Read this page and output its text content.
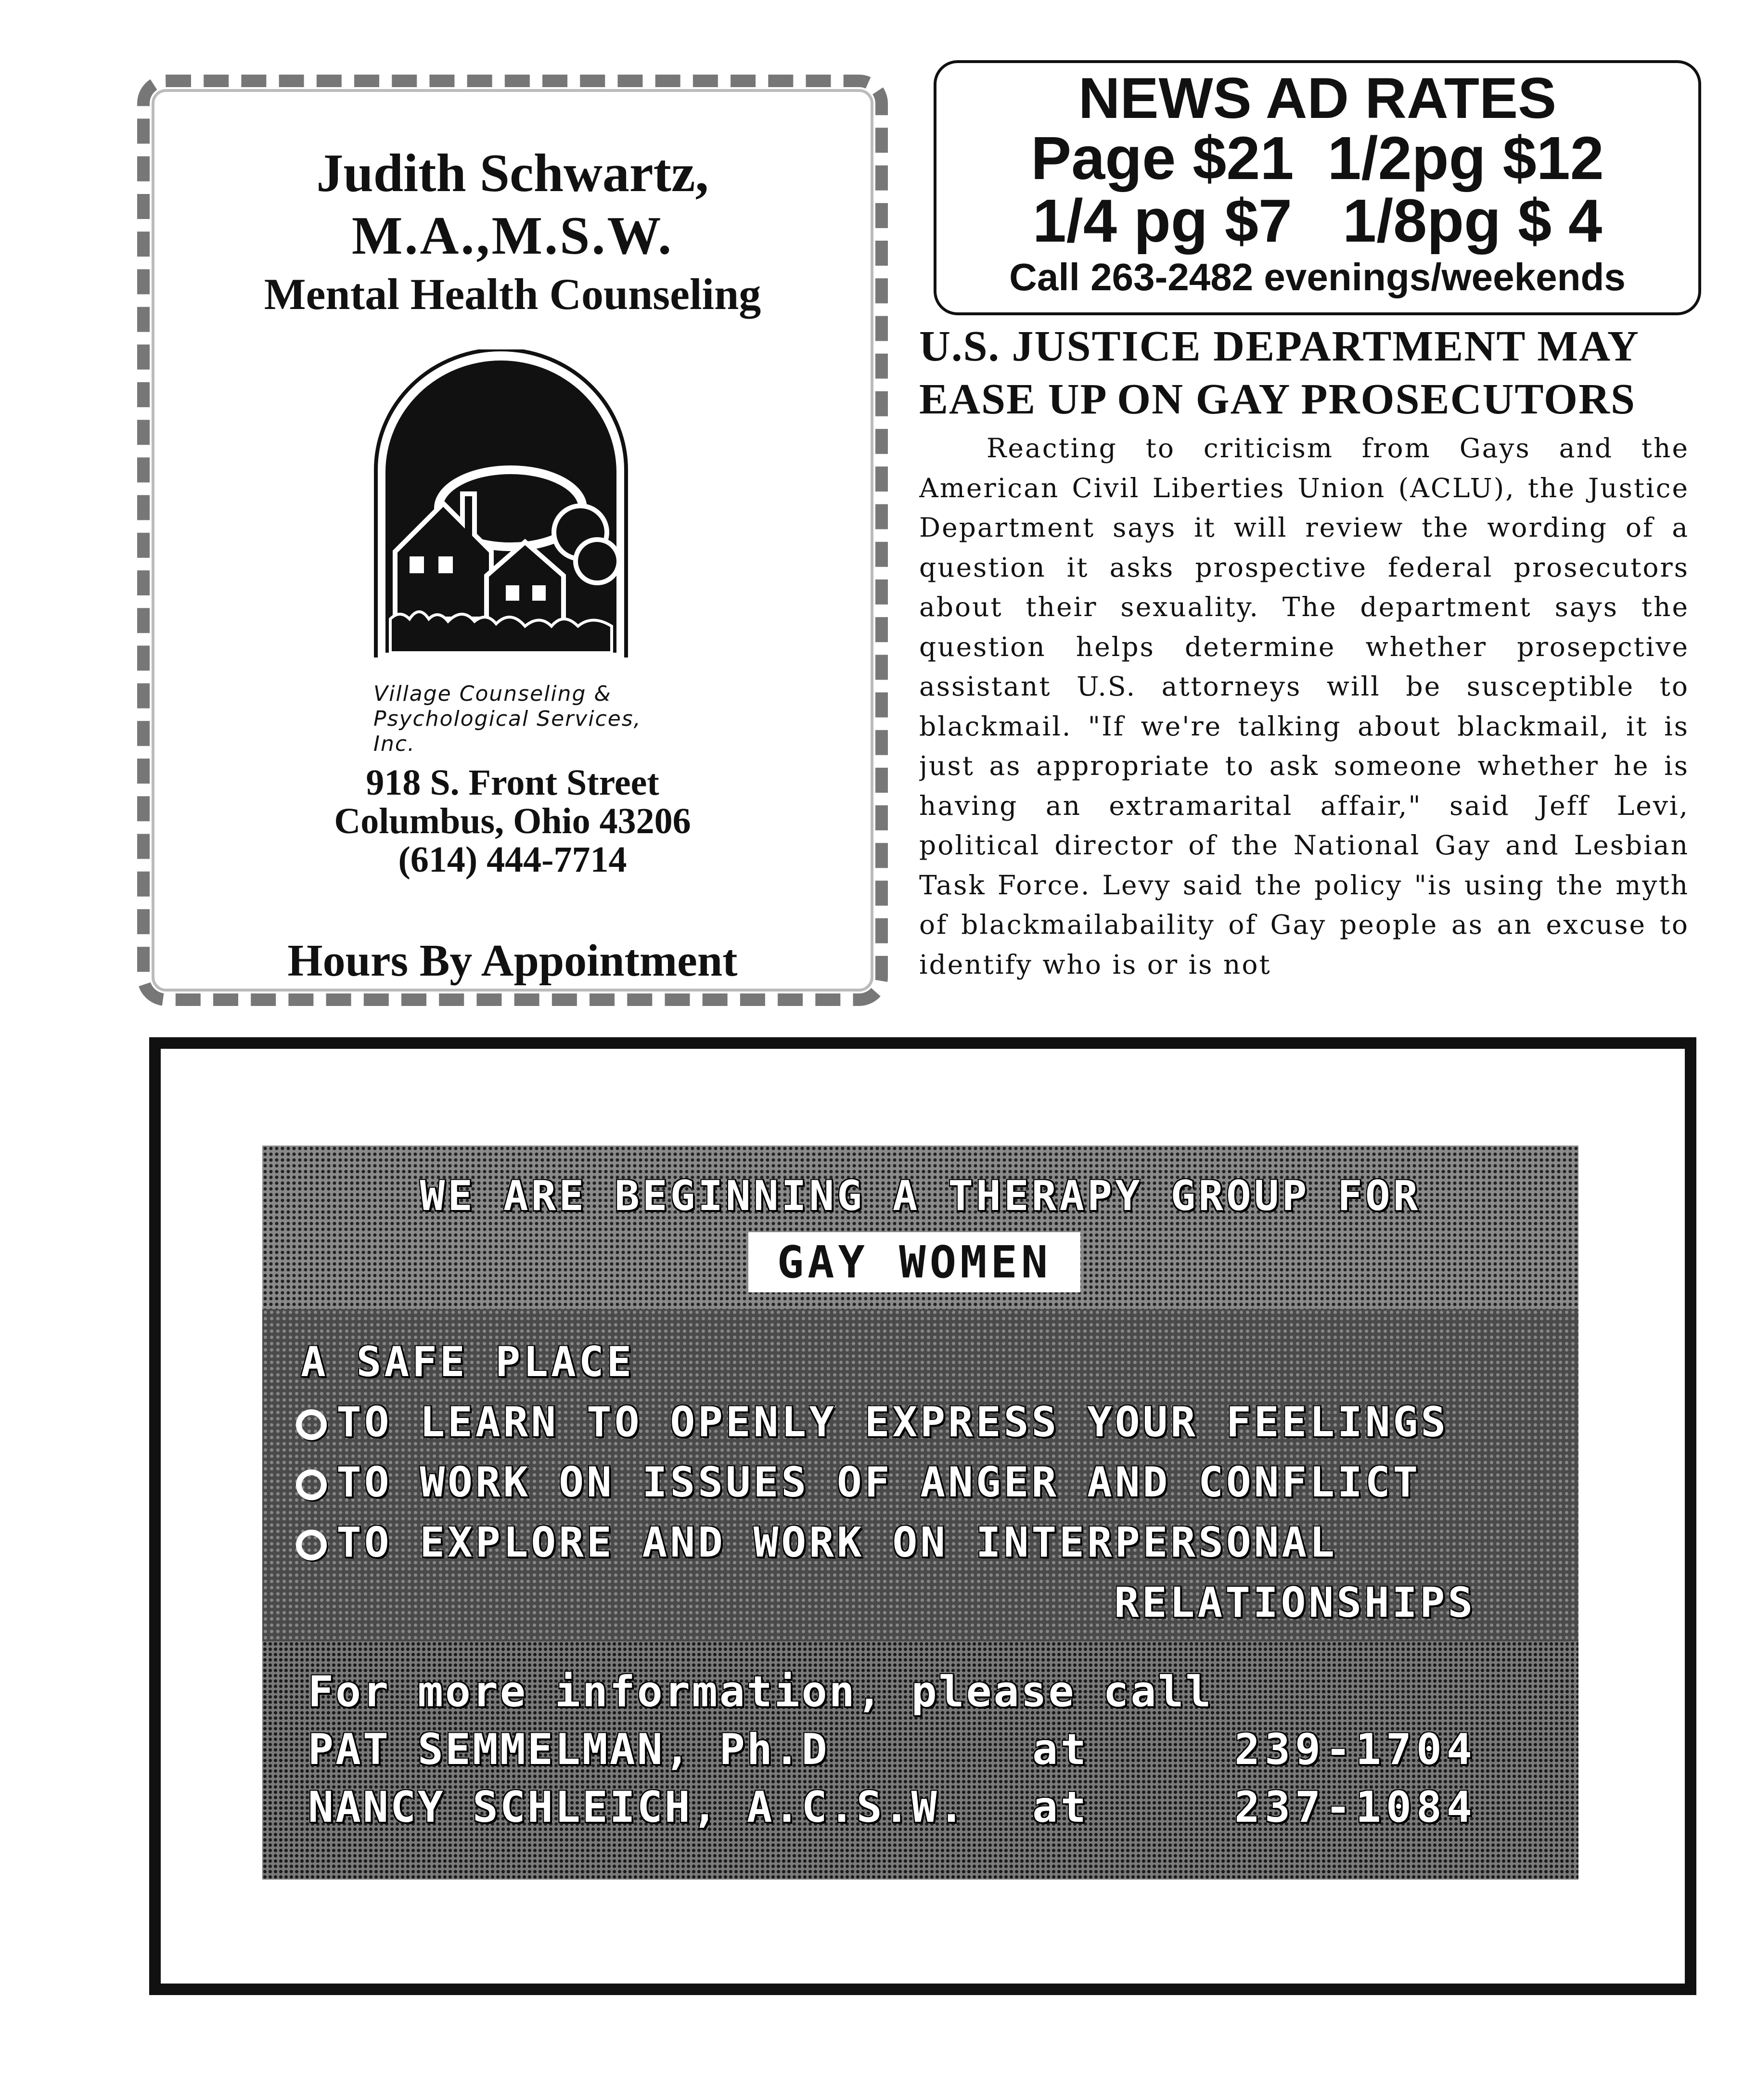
Judith Schwartz,
M.A.,M.S.W.
Mental Health Counseling
Village Counseling &
Psychological Services,
Inc.
918 S. Front Street
Columbus, Ohio 43206
(614) 444-7714
Hours By Appointment
NEWS AD RATES
Page $21  1/2pg $12
1/4 pg $7   1/8pg $ 4
Call 263-2482 evenings/weekends
U.S. JUSTICE DEPARTMENT MAY
EASE UP ON GAY PROSECUTORS

Reacting to criticism from Gays and the American Civil Liberties Union (ACLU), the Justice Department says it will review the wording of a question it asks prospective federal prosecutors about their sexuality. The department says the question helps determine whether prosepctive assistant U.S. attorneys will be susceptible to blackmail. "If we're talking about blackmail, it is just as appropriate to ask someone whether he is having an extramarital affair," said Jeff Levi, political director of the National Gay and Lesbian Task Force. Levy said the policy "is using the myth of blackmailabaility of Gay people as an excuse to identify who is or is not

WE ARE BEGINNING A THERAPY GROUP FOR
GAY WOMEN
A SAFE PLACE
TO LEARN TO OPENLY EXPRESS YOUR FEELINGS
TO WORK ON ISSUES OF ANGER AND CONFLICT
TO EXPLORE AND WORK ON INTERPERSONAL
RELATIONSHIPS
For more information, please call
PAT SEMMELMAN, Ph.D	at	239-1704
NANCY SCHLEICH, A.C.S.W. at	237-1084
